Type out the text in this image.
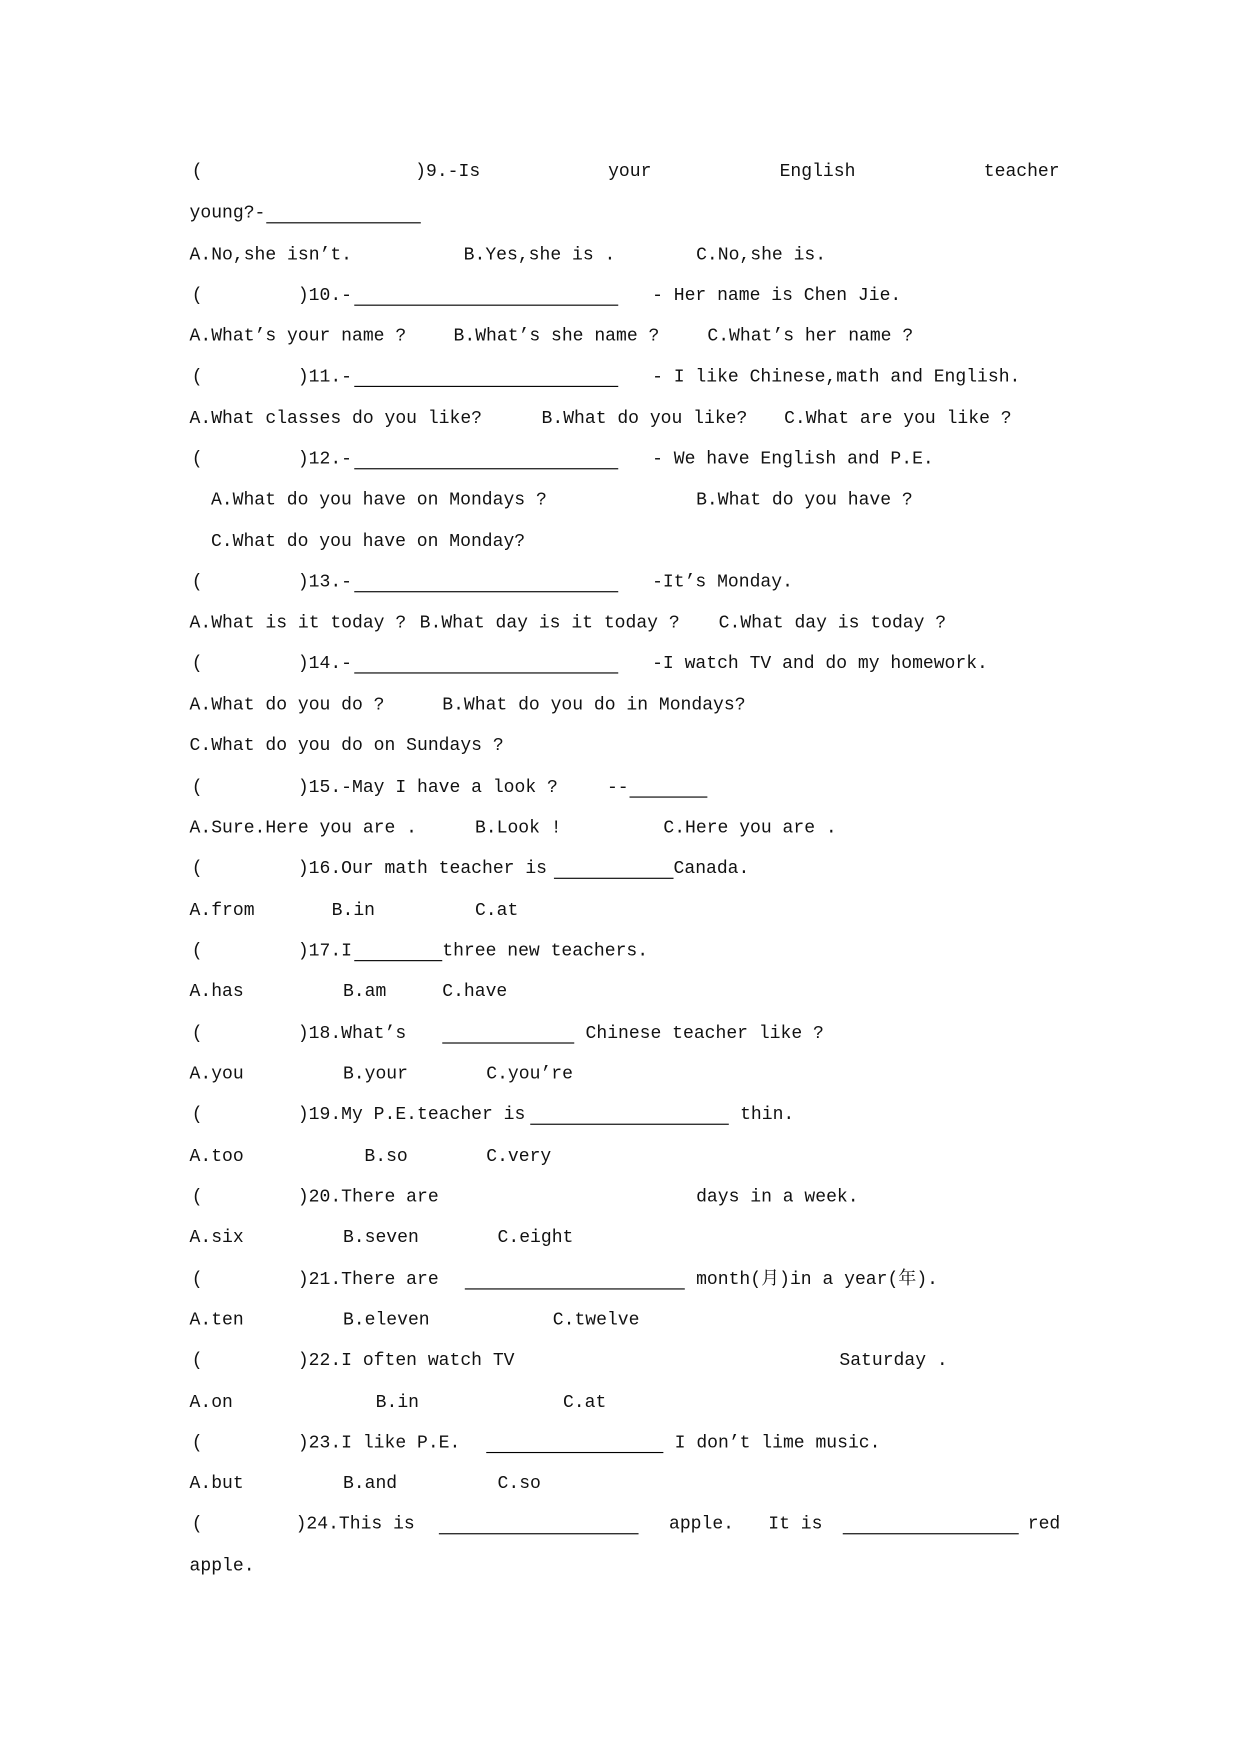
(	)9.-Is	your	English	teacher
young?-
A.No,she isn’t.	B.Yes,she is .	C.No,she is.
(	)10.-	- Her name is Chen Jie.
A.What’s your name ?	B.What’s she name ?	C.What’s her name ?
(	)11.-	- I like Chinese,math and English.
A.What classes do you like?	B.What do you like? C.What are you like ?
(	)12.-	- We have English and P.E.
A.What do you have on Mondays ?	B.What do you have ?
C.What do you have on Monday?
(	)13.-	-It’s Monday.
A.What is it today ? B.What day is it today ? C.What day is today ?
(	)14.-	-I watch TV and do my homework.
A.What do you do ?	B.What do you do in Mondays?
C.What do you do on Sundays ?
(	)15.-May I have a look ?	--
A.Sure.Here you are .	B.Look !	C.Here you are .
(	)16.Our math teacher is	Canada.
A.from	B.in	C.at
(	)17.I	three new teachers.
A.has	B.am	C.have
(	)18.What’s	Chinese teacher like ?
A.you	B.your	C.you’re
(	)19.My P.E.teacher is	thin.
A.too	B.so	C.very
(	)20.There are	days in a week.
A.six	B.seven	C.eight
(	)21.There are	month(月)in a year(年).
A.ten	B.eleven	C.twelve
(	)22.I often watch TV	Saturday .
A.on	B.in	C.at
(	)23.I like P.E.	I don’t lime music.
A.but	B.and	C.so
(	)24.This is	apple. It is	red
apple.
